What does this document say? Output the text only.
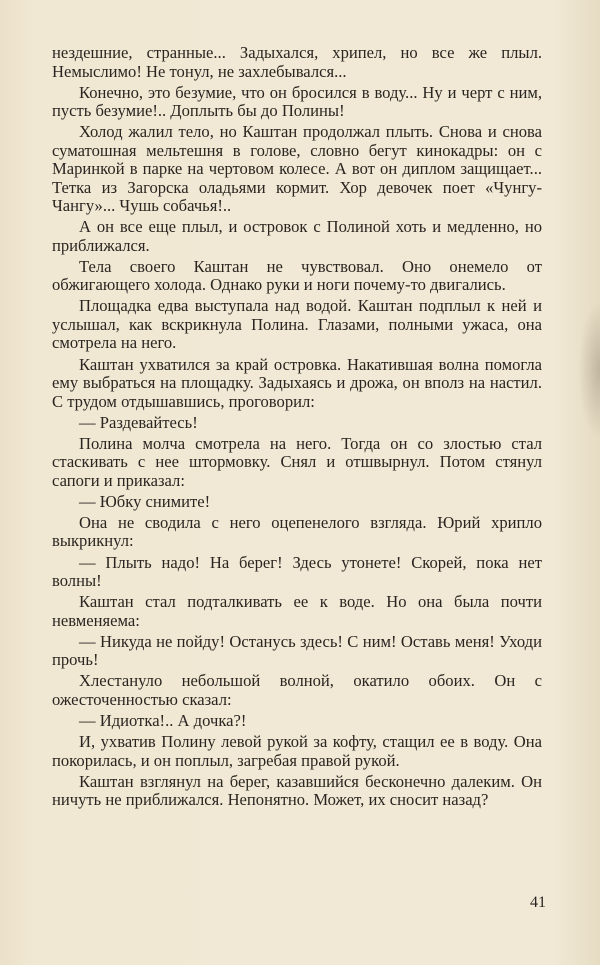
нездешние, странные... Задыхался, хрипел, но все же плыл. Немыслимо! Не тонул, не захлебывался...

Конечно, это безумие, что он бросился в воду... Ну и черт с ним, пусть безумие!.. Доплыть бы до Полины!

Холод жалил тело, но Каштан продолжал плыть. Снова и снова суматошная мельтешня в голове, словно бегут кинокадры: он с Маринкой в парке на чертовом колесе. А вот он диплом защищает... Тетка из Загорска оладьями кормит. Хор девочек поет «Чунгу-Чангу»... Чушь собачья!..

А он все еще плыл, и островок с Полиной хоть и медленно, но приближался.

Тела своего Каштан не чувствовал. Оно онемело от обжигающего холода. Однако руки и ноги почему-то двигались.

Площадка едва выступала над водой. Каштан подплыл к ней и услышал, как вскрикнула Полина. Глазами, полными ужаса, она смотрела на него.

Каштан ухватился за край островка. Накатившая волна помогла ему выбраться на площадку. Задыхаясь и дрожа, он вполз на настил. С трудом отдышавшись, проговорил:

— Раздевайтесь!

Полина молча смотрела на него. Тогда он со злостью стал стаскивать с нее штормовку. Снял и отшвырнул. Потом стянул сапоги и приказал:

— Юбку снимите!

Она не сводила с него оцепенелого взгляда. Юрий хрипло выкрикнул:

— Плыть надо! На берег! Здесь утонете! Скорей, пока нет волны!

Каштан стал подталкивать ее к воде. Но она была почти невменяема:

— Никуда не пойду! Останусь здесь! С ним! Оставь меня! Уходи прочь!

Хлестануло небольшой волной, окатило обоих. Он с ожесточенностью сказал:

— Идиотка!.. А дочка?!

И, ухватив Полину левой рукой за кофту, стащил ее в воду. Она покорилась, и он поплыл, загребая правой рукой.

Каштан взглянул на берег, казавшийся бесконечно далеким. Он ничуть не приближался. Непонятно. Может, их сносит назад?

41
